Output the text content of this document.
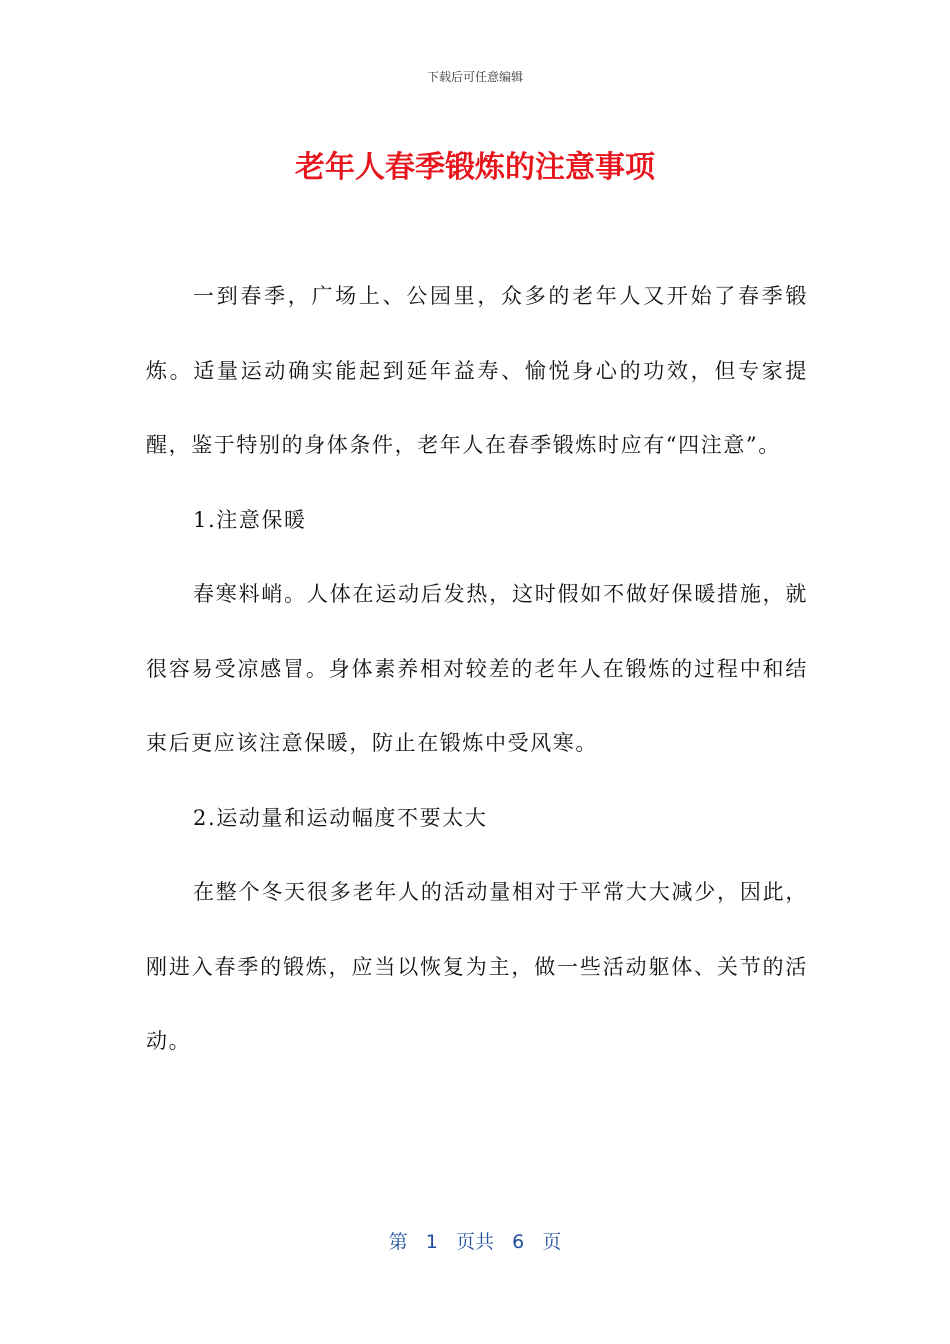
下载后可任意编辑
老年人春季锻炼的注意事项

一到春季，广场上、公园里，众多的老年人又开始了春季锻炼。适量运动确实能起到延年益寿、愉悦身心的功效，但专家提醒，鉴于特别的身体条件，老年人在春季锻炼时应有“四注意”。

1.注意保暖

春寒料峭。人体在运动后发热，这时假如不做好保暖措施，就很容易受凉感冒。身体素养相对较差的老年人在锻炼的过程中和结束后更应该注意保暖，防止在锻炼中受风寒。

2.运动量和运动幅度不要太大

在整个冬天很多老年人的活动量相对于平常大大减少，因此，刚进入春季的锻炼，应当以恢复为主，做一些活动躯体、关节的活动。

第 1 页共 6 页
